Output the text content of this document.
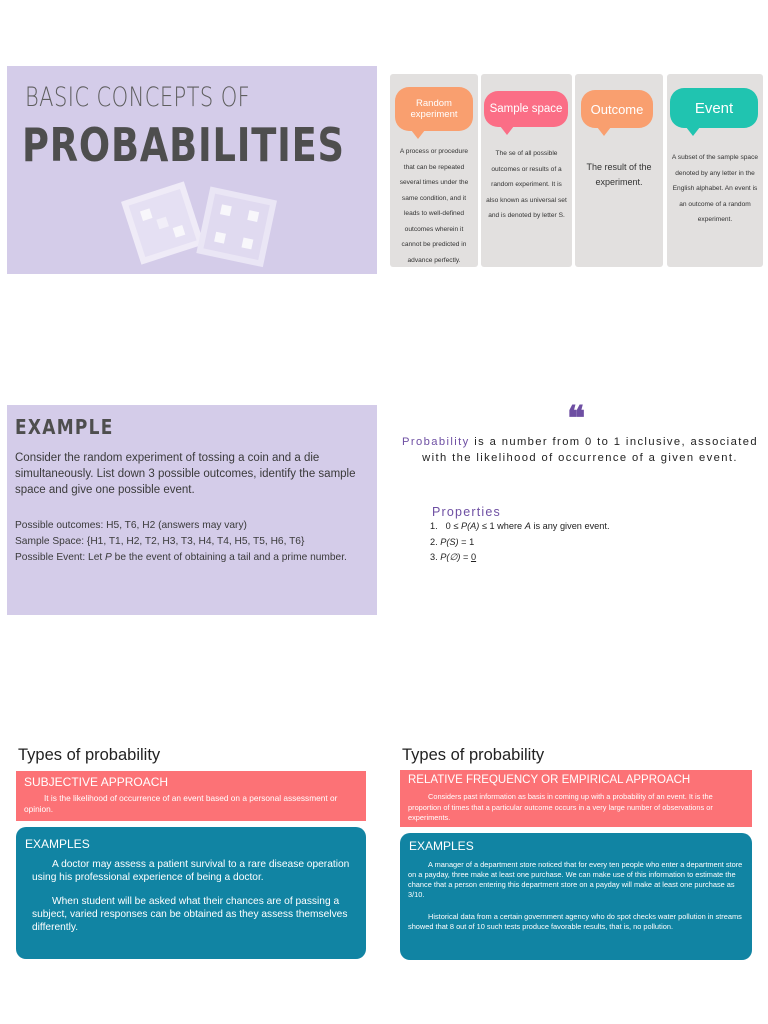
BASIC CONCEPTS OF
PROBABILITIES
Random experiment
A process or procedure that can be repeated several times under the same condition, and it leads to well-defined outcomes wherein it cannot be predicted in advance perfectly.
Sample space
The se of all possible outcomes or results of a random experiment. It is also known as universal set and is denoted by letter S.
Outcome
The result of the experiment.
Event
A subset of the sample space denoted by any letter in the English alphabet. An event is an outcome of a random experiment.
EXAMPLE
Consider the random experiment of tossing a coin and a die simultaneously. List down 3 possible outcomes, identify the sample space and give one possible event.
Possible outcomes: H5, T6, H2 (answers may vary)
Sample Space: {H1, T1, H2, T2, H3, T3, H4, T4, H5, T5, H6, T6}
Possible Event: Let P be the event of obtaining a tail and a prime number.
❝
Probability is a number from 0 to 1 inclusive, associated with the likelihood of occurrence of a given event.
Properties
1. 0 ≤ P(A) ≤ 1 where A is any given event.
2. P(S) = 1
3. P(∅) = 0
Types of probability
SUBJECTIVE APPROACH
It is the likelihood of occurrence of an event based on a personal assessment or opinion.
EXAMPLES
A doctor may assess a patient survival to a rare disease operation using his professional experience of being a doctor.
When student will be asked what their chances are of passing a subject, varied responses can be obtained as they assess themselves differently.
Types of probability
RELATIVE FREQUENCY OR EMPIRICAL APPROACH
Considers past information as basis in coming up with a probability of an event. It is the proportion of times that a particular outcome occurs in a very large number of observations or experiments.
EXAMPLES
A manager of a department store noticed that for every ten people who enter a department store on a payday, three make at least one purchase. We can make use of this information to estimate the chance that a person entering this department store on a payday will make at least one purchase as 3/10.
Historical data from a certain government agency who do spot checks water pollution in streams showed that 8 out of 10 such tests produce favorable results, that is, no pollution.
